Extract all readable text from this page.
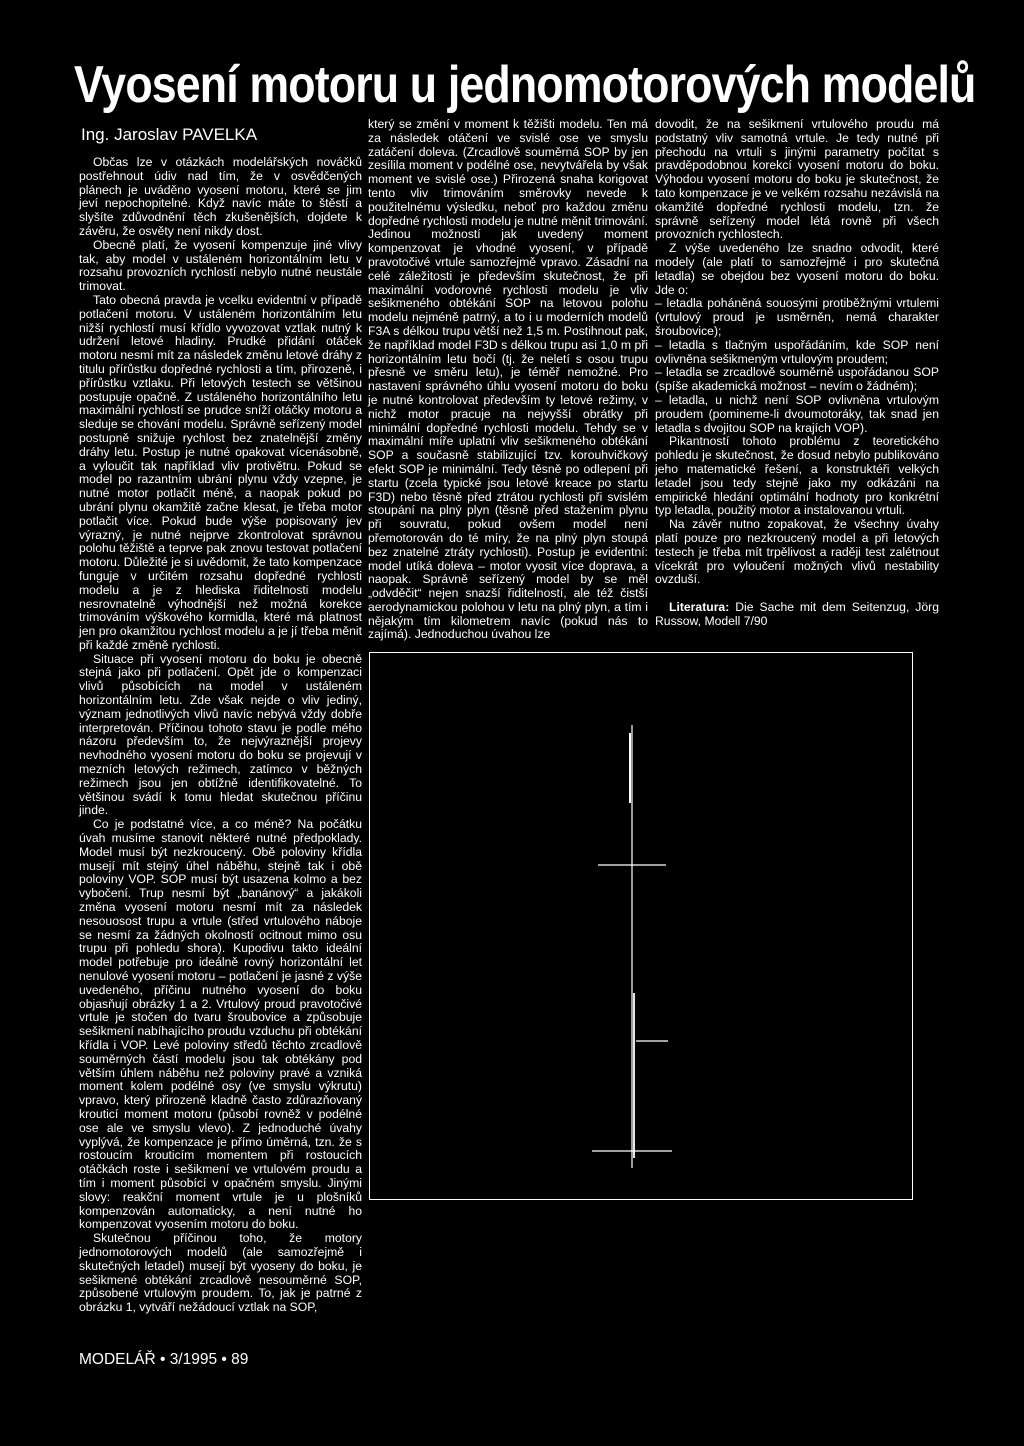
Vyosení motoru u jednomotorových modelů

Ing. Jaroslav PAVELKA

Občas lze v otázkách modelářských nováčků postřehnout údiv nad tím, že v osvědčených plánech je uváděno vyosení motoru, které se jim jeví nepochopitelné. Když navíc máte to štěstí a slyšíte zdůvodnění těch zkušenějších, dojdete k závěru, že osvěty není nikdy dost.

Obecně platí, že vyosení kompenzuje jiné vlivy tak, aby model v ustáleném horizontálním letu v rozsahu provozních rychlostí nebylo nutné neustále trimovat.

Tato obecná pravda je vcelku evidentní v případě potlačení motoru. V ustáleném horizontálním letu nižší rychlostí musí křídlo vyvozovat vztlak nutný k udržení letové hladiny. Prudké přidání otáček motoru nesmí mít za následek změnu letové dráhy z titulu přírůstku dopředné rychlosti a tím, přirozeně, i přírůstku vztlaku. Při letových testech se většinou postupuje opačně. Z ustáleného horizontálního letu maximální rychlostí se prudce sníží otáčky motoru a sleduje se chování modelu. Správně seřízený model postupně snižuje rychlost bez znatelnější změny dráhy letu. Postup je nutné opakovat vícenásobně, a vyloučit tak například vliv protivětru. Pokud se model po razantním ubrání plynu vždy vzepne, je nutné motor potlačit méně, a naopak pokud po ubrání plynu okamžitě začne klesat, je třeba motor potlačit více. Pokud bude výše popisovaný jev výrazný, je nutné nejprve zkontrolovat správnou polohu těžiště a teprve pak znovu testovat potlačení motoru. Důležité je si uvědomit, že tato kompenzace funguje v určitém rozsahu dopředné rychlosti modelu a je z hlediska řiditelnosti modelu nesrovnatelně výhodnější než možná korekce trimováním výškového kormidla, které má platnost jen pro okamžitou rychlost modelu a je jí třeba měnit při každé změně rychlosti.

Situace při vyosení motoru do boku je obecně stejná jako při potlačení. Opět jde o kompenzaci vlivů působících na model v ustáleném horizontálním letu. Zde však nejde o vliv jediný, význam jednotlivých vlivů navíc nebývá vždy dobře interpretován. Příčinou tohoto stavu je podle mého názoru především to, že nejvýraznější projevy nevhodného vyosení motoru do boku se projevují v mezních letových režimech, zatímco v běžných režimech jsou jen obtížně identifikovatelné. To většinou svádí k tomu hledat skutečnou příčinu jinde.

Co je podstatné více, a co méně? Na počátku úvah musíme stanovit některé nutné předpoklady. Model musí být nezkroucený. Obě poloviny křídla musejí mít stejný úhel náběhu, stejně tak i obě poloviny VOP. SOP musí být usazena kolmo a bez vybočení. Trup nesmí být „banánový“ a jakákoli změna vyosení motoru nesmí mít za následek nesouosost trupu a vrtule (střed vrtulového náboje se nesmí za žádných okolností ocitnout mimo osu trupu při pohledu shora). Kupodivu takto ideální model potřebuje pro ideálně rovný horizontální let nenulové vyosení motoru – potlačení je jasné z výše uvedeného, příčinu nutného vyosení do boku objasňují obrázky 1 a 2. Vrtulový proud pravotočivé vrtule je stočen do tvaru šroubovice a způsobuje sešikmení nabíhajícího proudu vzduchu při obtékání křídla i VOP. Levé poloviny středů těchto zrcadlově souměrných částí modelu jsou tak obtékány pod větším úhlem náběhu než poloviny pravé a vzniká moment kolem podélné osy (ve smyslu výkrutu) vpravo, který přirozeně kladně často zdůrazňovaný krouticí moment motoru (působí rovněž v podélné ose ale ve smyslu vlevo). Z jednoduché úvahy vyplývá, že kompenzace je přímo úměrná, tzn. že s rostoucím krouticím momentem při rostoucích otáčkách roste i sešikmení ve vrtulovém proudu a tím i moment působící v opačném smyslu. Jinými slovy: reakční moment vrtule je u plošníků kompenzován automaticky, a není nutné ho kompenzovat vyosením motoru do boku.

Skutečnou příčinou toho, že motory jednomotorových modelů (ale samozřejmě i skutečných letadel) musejí být vyoseny do boku, je sešikmené obtékání zrcadlově nesouměrné SOP, způsobené vrtulovým proudem. To, jak je patrné z obrázku 1, vytváří nežádoucí vztlak na SOP,

který se změní v moment k těžišti modelu. Ten má za následek otáčení ve svislé ose ve smyslu zatáčení doleva. (Zrcadlově souměrná SOP by jen zesílila moment v podélné ose, nevytvářela by však moment ve svislé ose.) Přirozená snaha korigovat tento vliv trimováním směrovky nevede k použitelnému výsledku, neboť pro každou změnu dopředné rychlosti modelu je nutné měnit trimování. Jedinou možností jak uvedený moment kompenzovat je vhodné vyosení, v případě pravotočivé vrtule samozřejmě vpravo. Zásadní na celé záležitosti je především skutečnost, že při maximální vodorovné rychlosti modelu je vliv sešikmeného obtékání SOP na letovou polohu modelu nejméně patrný, a to i u moderních modelů F3A s délkou trupu větší než 1,5 m. Postihnout pak, že například model F3D s délkou trupu asi 1,0 m při horizontálním letu bočí (tj. že neletí s osou trupu přesně ve směru letu), je téměř nemožné. Pro nastavení správného úhlu vyosení motoru do boku je nutné kontrolovat především ty letové režimy, v nichž motor pracuje na nejvyšší obrátky při minimální dopředné rychlosti modelu. Tehdy se v maximální míře uplatní vliv sešikmeného obtékání SOP a současně stabilizující tzv. korouhvičkový efekt SOP je minimální. Tedy těsně po odlepení při startu (zcela typické jsou letové kreace po startu F3D) nebo těsně před ztrátou rychlosti při svislém stoupání na plný plyn (těsně před stažením plynu při souvratu, pokud ovšem model není přemotorován do té míry, že na plný plyn stoupá bez znatelné ztráty rychlosti). Postup je evidentní: model utíká doleva – motor vyosit více doprava, a naopak. Správně seřízený model by se měl „odvděčit“ nejen snazší řiditelností, ale též čistší aerodynamickou polohou v letu na plný plyn, a tím i nějakým tím kilometrem navíc (pokud nás to zajímá). Jednoduchou úvahou lze

dovodit, že na sešikmení vrtulového proudu má podstatný vliv samotná vrtule. Je tedy nutné při přechodu na vrtuli s jinými parametry počítat s pravděpodobnou korekcí vyosení motoru do boku. Výhodou vyosení motoru do boku je skutečnost, že tato kompenzace je ve velkém rozsahu nezávislá na okamžité dopředné rychlosti modelu, tzn. že správně seřízený model létá rovně při všech provozních rychlostech.

Z výše uvedeného lze snadno odvodit, které modely (ale platí to samozřejmě i pro skutečná letadla) se obejdou bez vyosení motoru do boku. Jde o:

– letadla poháněná souosými protiběžnými vrtulemi (vrtulový proud je usměrněn, nemá charakter šroubovice);

– letadla s tlačným uspořádáním, kde SOP není ovlivněna sešikmeným vrtulovým proudem;

– letadla se zrcadlově souměrně uspořádanou SOP (spíše akademická možnost – nevím o žádném);

– letadla, u nichž není SOP ovlivněna vrtulovým proudem (pomineme-li dvoumotoráky, tak snad jen letadla s dvojitou SOP na krajích VOP).

Pikantností tohoto problému z teoretického pohledu je skutečnost, že dosud nebylo publikováno jeho matematické řešení, a konstruktéři velkých letadel jsou tedy stejně jako my odkázáni na empirické hledání optimální hodnoty pro konkrétní typ letadla, použitý motor a instalovanou vrtuli.

Na závěr nutno zopakovat, že všechny úvahy platí pouze pro nezkroucený model a při letových testech je třeba mít trpělivost a raději test zalétnout vícekrát pro vyloučení možných vlivů nestability ovzduší.

Literatura: Die Sache mit dem Seitenzug, Jörg Russow, Modell 7/90

MODELÁŘ • 3/1995 • 89
